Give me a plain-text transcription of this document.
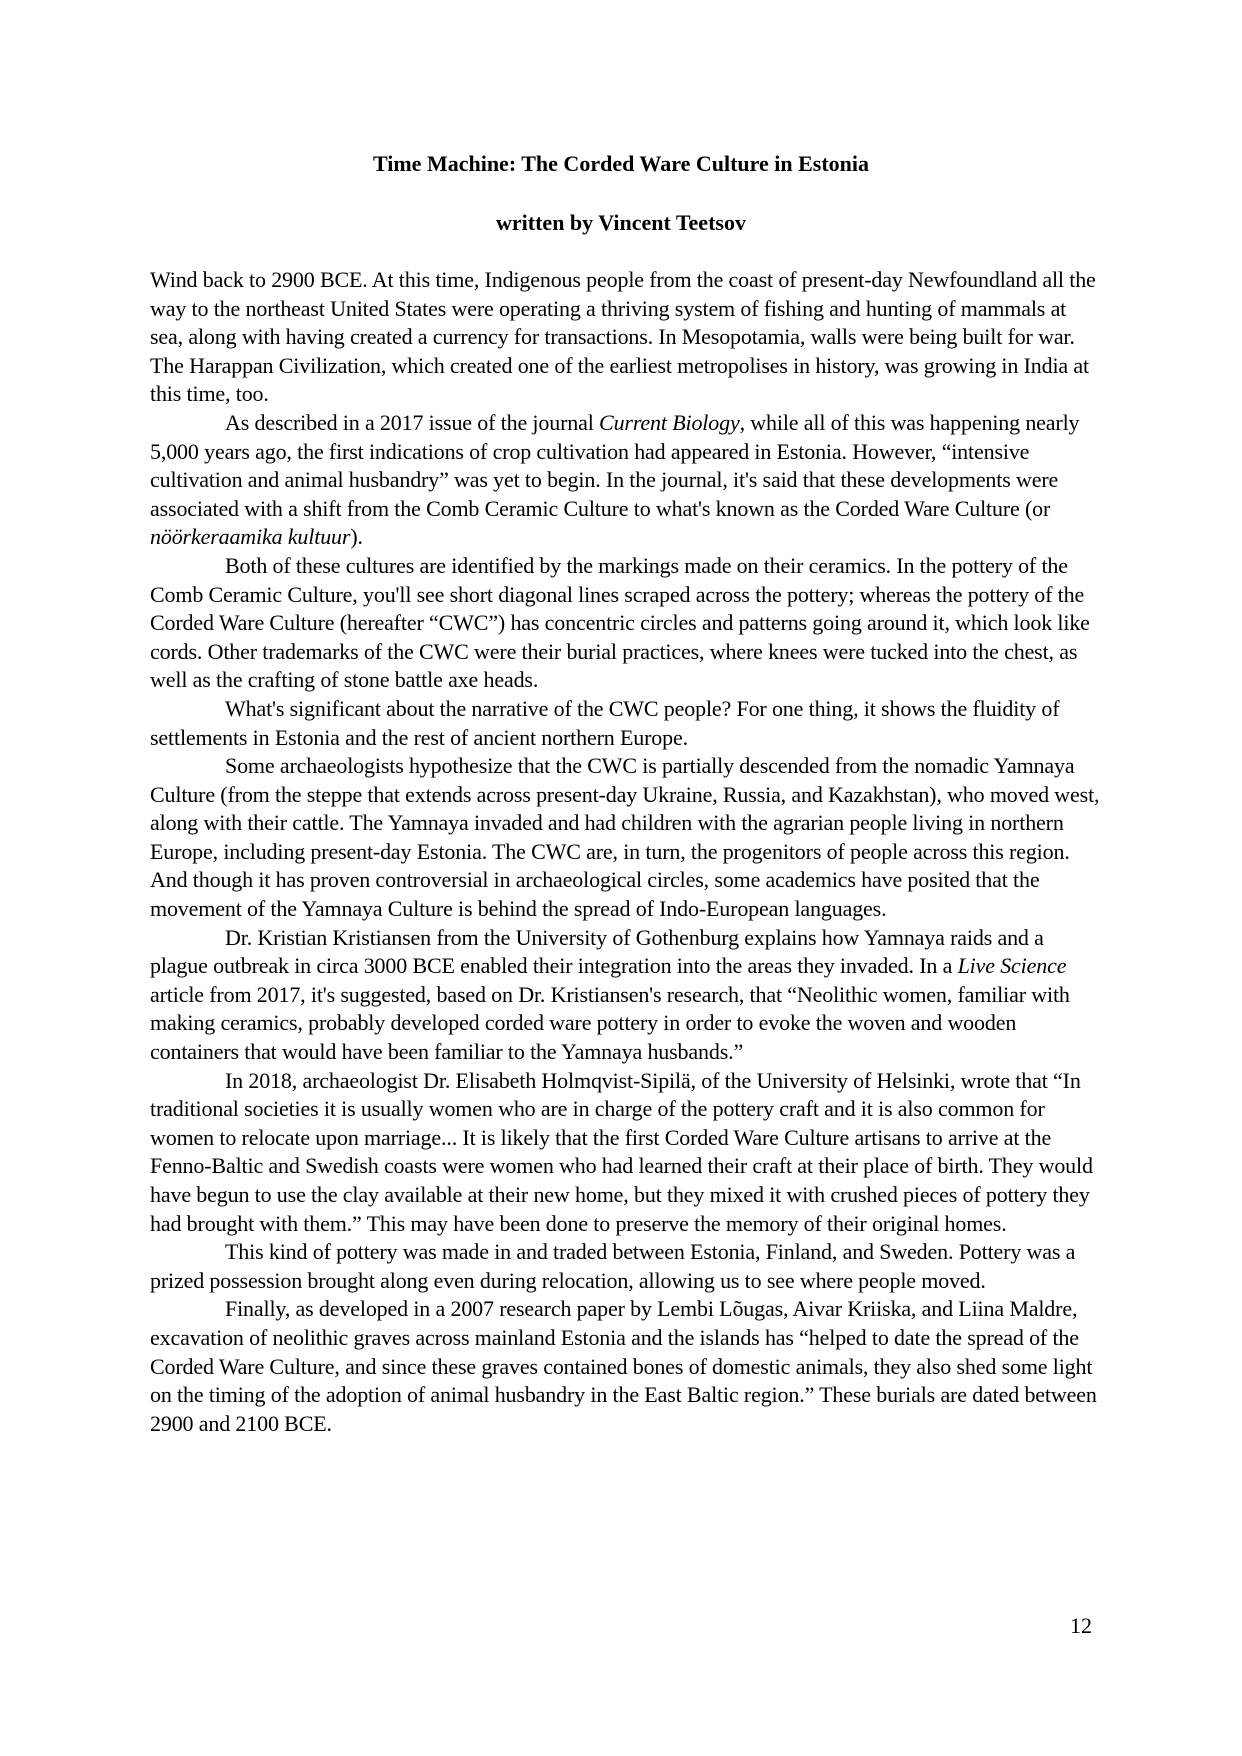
Time Machine: The Corded Ware Culture in Estonia
written by Vincent Teetsov

Wind back to 2900 BCE. At this time, Indigenous people from the coast of present-day Newfoundland all the way to the northeast United States were operating a thriving system of fishing and hunting of mammals at sea, along with having created a currency for transactions. In Mesopotamia, walls were being built for war. The Harappan Civilization, which created one of the earliest metropolises in history, was growing in India at this time, too.

As described in a 2017 issue of the journal Current Biology, while all of this was happening nearly 5,000 years ago, the first indications of crop cultivation had appeared in Estonia. However, “intensive cultivation and animal husbandry” was yet to begin. In the journal, it's said that these developments were associated with a shift from the Comb Ceramic Culture to what's known as the Corded Ware Culture (or nöörkeraamika kultuur).

Both of these cultures are identified by the markings made on their ceramics. In the pottery of the Comb Ceramic Culture, you'll see short diagonal lines scraped across the pottery; whereas the pottery of the Corded Ware Culture (hereafter “CWC”) has concentric circles and patterns going around it, which look like cords. Other trademarks of the CWC were their burial practices, where knees were tucked into the chest, as well as the crafting of stone battle axe heads.

What's significant about the narrative of the CWC people? For one thing, it shows the fluidity of settlements in Estonia and the rest of ancient northern Europe.

Some archaeologists hypothesize that the CWC is partially descended from the nomadic Yamnaya Culture (from the steppe that extends across present-day Ukraine, Russia, and Kazakhstan), who moved west, along with their cattle. The Yamnaya invaded and had children with the agrarian people living in northern Europe, including present-day Estonia. The CWC are, in turn, the progenitors of people across this region. And though it has proven controversial in archaeological circles, some academics have posited that the movement of the Yamnaya Culture is behind the spread of Indo-European languages.

Dr. Kristian Kristiansen from the University of Gothenburg explains how Yamnaya raids and a plague outbreak in circa 3000 BCE enabled their integration into the areas they invaded. In a Live Science article from 2017, it's suggested, based on Dr. Kristiansen's research, that “Neolithic women, familiar with making ceramics, probably developed corded ware pottery in order to evoke the woven and wooden containers that would have been familiar to the Yamnaya husbands.”

In 2018, archaeologist Dr. Elisabeth Holmqvist-Sipilä, of the University of Helsinki, wrote that “In traditional societies it is usually women who are in charge of the pottery craft and it is also common for women to relocate upon marriage... It is likely that the first Corded Ware Culture artisans to arrive at the Fenno-Baltic and Swedish coasts were women who had learned their craft at their place of birth. They would have begun to use the clay available at their new home, but they mixed it with crushed pieces of pottery they had brought with them.” This may have been done to preserve the memory of their original homes.

This kind of pottery was made in and traded between Estonia, Finland, and Sweden. Pottery was a prized possession brought along even during relocation, allowing us to see where people moved.

Finally, as developed in a 2007 research paper by Lembi Lõugas, Aivar Kriiska, and Liina Maldre, excavation of neolithic graves across mainland Estonia and the islands has “helped to date the spread of the Corded Ware Culture, and since these graves contained bones of domestic animals, they also shed some light on the timing of the adoption of animal husbandry in the East Baltic region.” These burials are dated between 2900 and 2100 BCE.

12
